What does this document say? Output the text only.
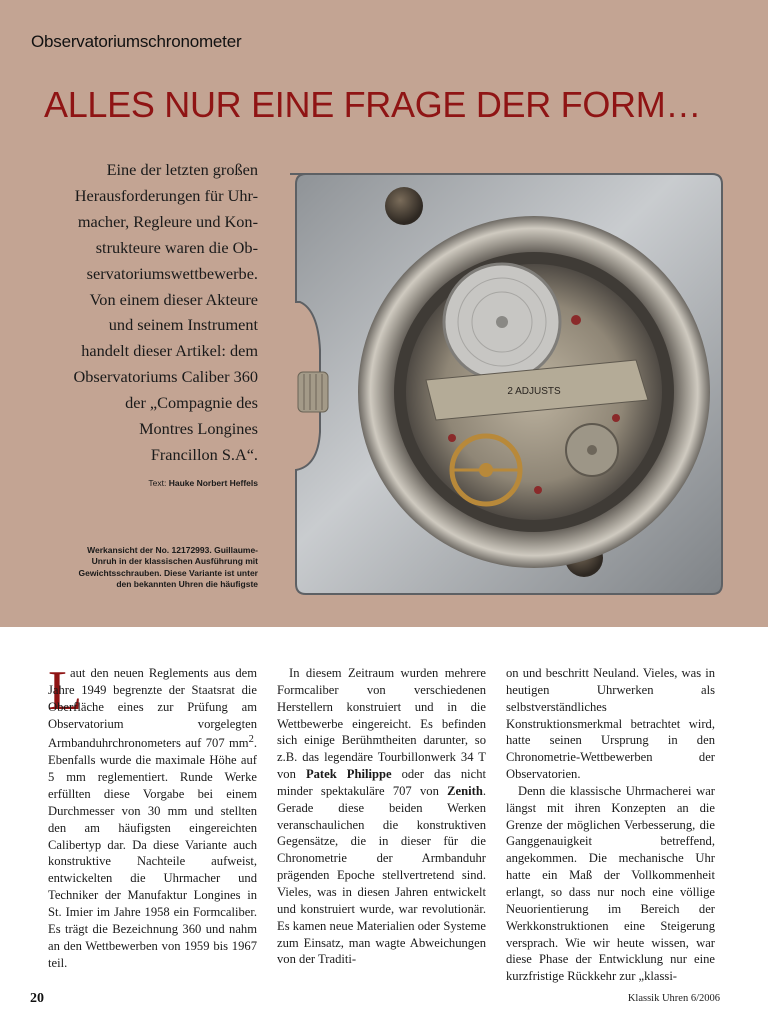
Observatoriumschronometer
ALLES NUR EINE FRAGE DER FORM…

Eine der letzten großen
Herausforderungen für Uhr-
macher, Regleure und Kon-
strukteure waren die Ob-
servatoriumswettbewerbe.
Von einem dieser Akteure
und seinem Instrument
handelt dieser Artikel: dem
Observatoriums Caliber 360
der „Compagnie des
Montres Longines
Francillon S.A“.

Text: Hauke Norbert Heffels
Werkansicht der No. 12172993. Guillaume-
Unruh in der klassischen Ausführung mit
Gewichtsschrauben. Diese Variante ist unter
den bekannten Uhren die häufigste
2 ADJUSTS
L

aut den neuen Reglements aus dem Jahre 1949 begrenzte der Staatsrat die Oberfläche eines zur Prüfung am Observatorium vorgelegten Armbanduhrchronometers auf 707 $mm^2$. Ebenfalls wurde die maximale Höhe auf 5 mm reglementiert. Runde Werke erfüllten diese Vorgabe bei einem Durchmesser von 30 mm und stellten den am häufigsten eingereichten Calibertyp dar. Da diese Variante auch konstruktive Nachteile aufweist, entwickelten die Uhrmacher und Techniker der Manufaktur Longines in St. Imier im Jahre 1958 ein Formcaliber. Es trägt die Bezeichnung 360 und nahm an den Wettbewerben von 1959 bis 1967 teil.

In diesem Zeitraum wurden mehrere Formcaliber von verschiedenen Herstellern konstruiert und in die Wettbewerbe eingereicht. Es befinden sich einige Berühmtheiten darunter, so z.B. das legendäre Tourbillonwerk 34 T von Patek Philippe oder das nicht minder spektakuläre 707 von Zenith. Gerade diese beiden Werken veranschaulichen die konstruktiven Gegensätze, die in dieser für die Chronometrie der Armbanduhr prägenden Epoche stellvertretend sind. Vieles, was in diesen Jahren entwickelt und konstruiert wurde, war revolutionär. Es kamen neue Materialien oder Systeme zum Einsatz, man wagte Abweichungen von der Traditi-

on und beschritt Neuland. Vieles, was in heutigen Uhrwerken als selbstverständliches Konstruktionsmerkmal betrachtet wird, hatte seinen Ursprung in den Chronometrie-Wettbewerben der Observatorien.

Denn die klassische Uhrmacherei war längst mit ihren Konzepten an die Grenze der möglichen Verbesserung, die Ganggenauigkeit betreffend, angekommen. Die mechanische Uhr hatte ein Maß der Vollkommenheit erlangt, so dass nur noch eine völlige Neuorientierung im Bereich der Werkkonstruktionen eine Steigerung versprach. Wie wir heute wissen, war diese Phase der Entwicklung nur eine kurzfristige Rückkehr zur „klassi-

20	Klassik Uhren 6/2006
